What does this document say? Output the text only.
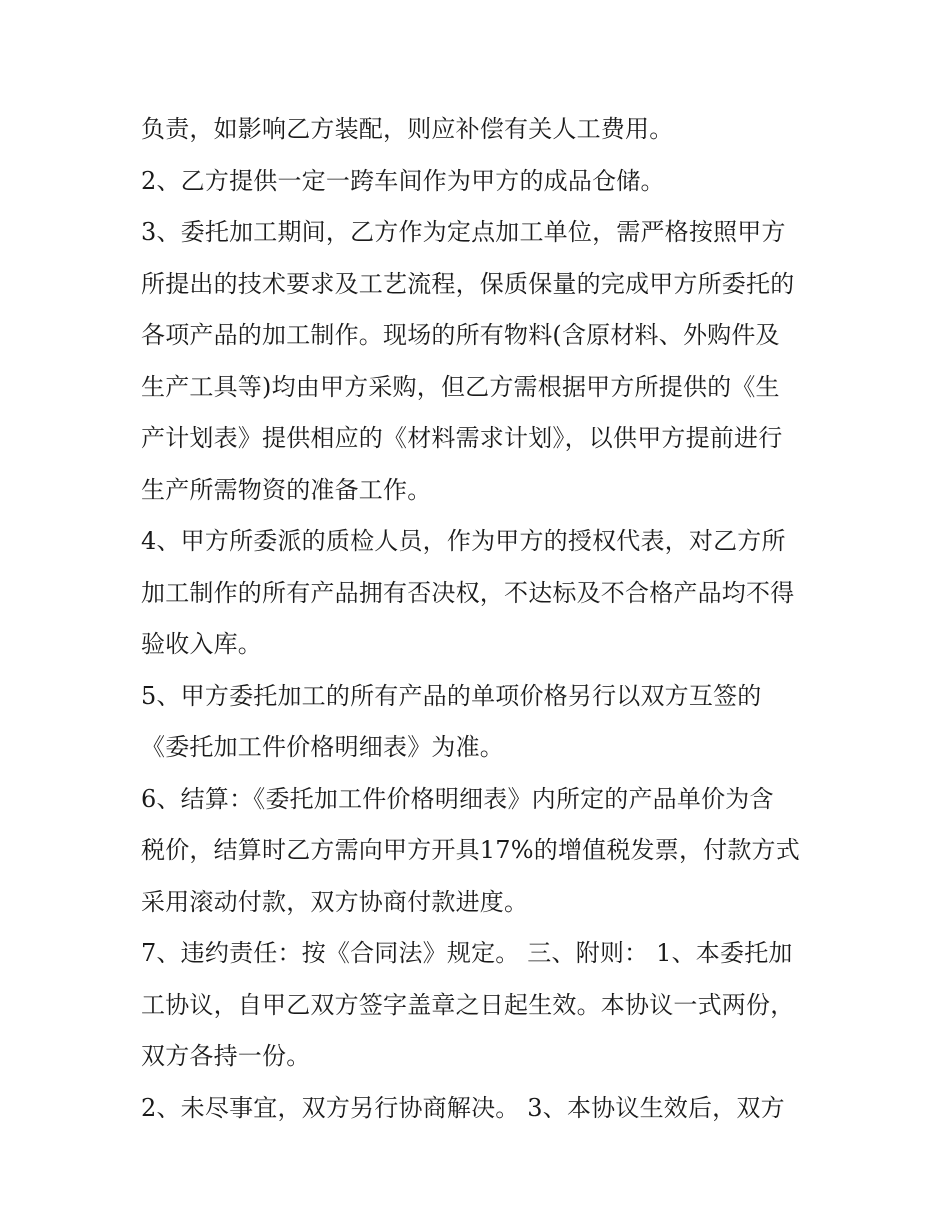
负责，如影响乙方装配，则应补偿有关人工费用。
2、乙方提供一定一跨车间作为甲方的成品仓储。
3、委托加工期间，乙方作为定点加工单位，需严格按照甲方
所提出的技术要求及工艺流程，保质保量的完成甲方所委托的
各项产品的加工制作。现场的所有物料(含原材料、外购件及
生产工具等)均由甲方采购，但乙方需根据甲方所提供的《生
产计划表》提供相应的《材料需求计划》，以供甲方提前进行
生产所需物资的准备工作。
4、甲方所委派的质检人员，作为甲方的授权代表，对乙方所
加工制作的所有产品拥有否决权，不达标及不合格产品均不得
验收入库。
5、甲方委托加工的所有产品的单项价格另行以双方互签的
《委托加工件价格明细表》为准。
6、结算：《委托加工件价格明细表》内所定的产品单价为含
税价，结算时乙方需向甲方开具17%的增值税发票，付款方式
采用滚动付款，双方协商付款进度。
7、违约责任：按《合同法》规定。 三、附则： 1、本委托加
工协议，自甲乙双方签字盖章之日起生效。本协议一式两份，
双方各持一份。
2、未尽事宜，双方另行协商解决。 3、本协议生效后，双方
